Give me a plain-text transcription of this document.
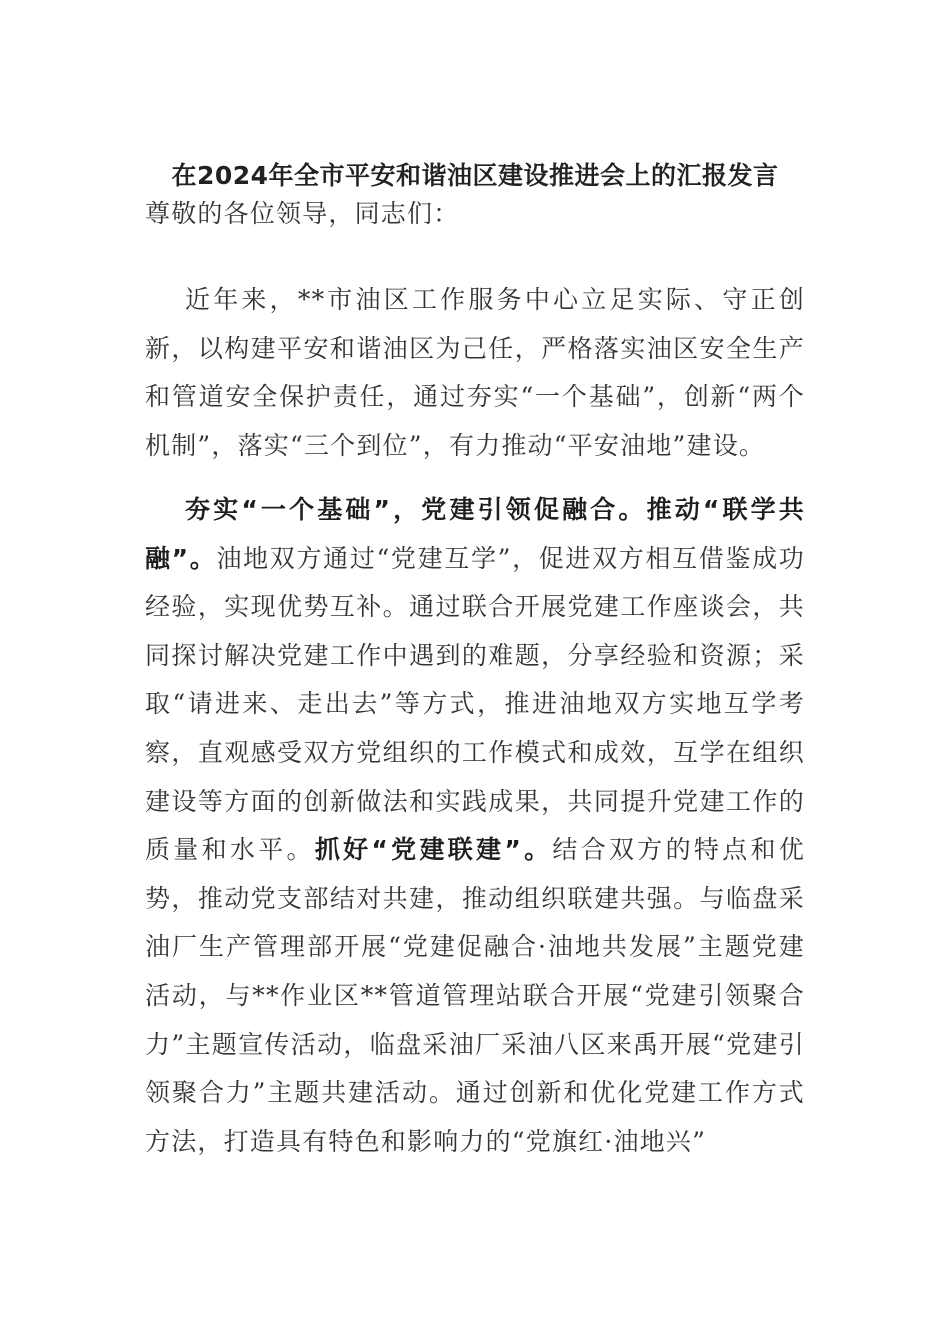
在2024年全市平安和谐油区建设推进会上的汇报发言

尊敬的各位领导，同志们：

近年来，**市油区工作服务中心立足实际、守正创新，以构建平安和谐油区为己任，严格落实油区安全生产和管道安全保护责任，通过夯实“一个基础”，创新“两个机制”，落实“三个到位”，有力推动“平安油地”建设。

夯实“一个基础”，党建引领促融合。推动“联学共融”。油地双方通过“党建互学”，促进双方相互借鉴成功经验，实现优势互补。通过联合开展党建工作座谈会，共同探讨解决党建工作中遇到的难题，分享经验和资源；采取“请进来、走出去”等方式，推进油地双方实地互学考察，直观感受双方党组织的工作模式和成效，互学在组织建设等方面的创新做法和实践成果，共同提升党建工作的质量和水平。抓好“党建联建”。结合双方的特点和优势，推动党支部结对共建，推动组织联建共强。与临盘采油厂生产管理部开展“党建促融合·油地共发展”主题党建活动，与**作业区**管道管理站联合开展“党建引领聚合力”主题宣传活动，临盘采油厂采油八区来禹开展“党建引领聚合力”主题共建活动。通过创新和优化党建工作方式方法，打造具有特色和影响力的“党旗红·油地兴”
